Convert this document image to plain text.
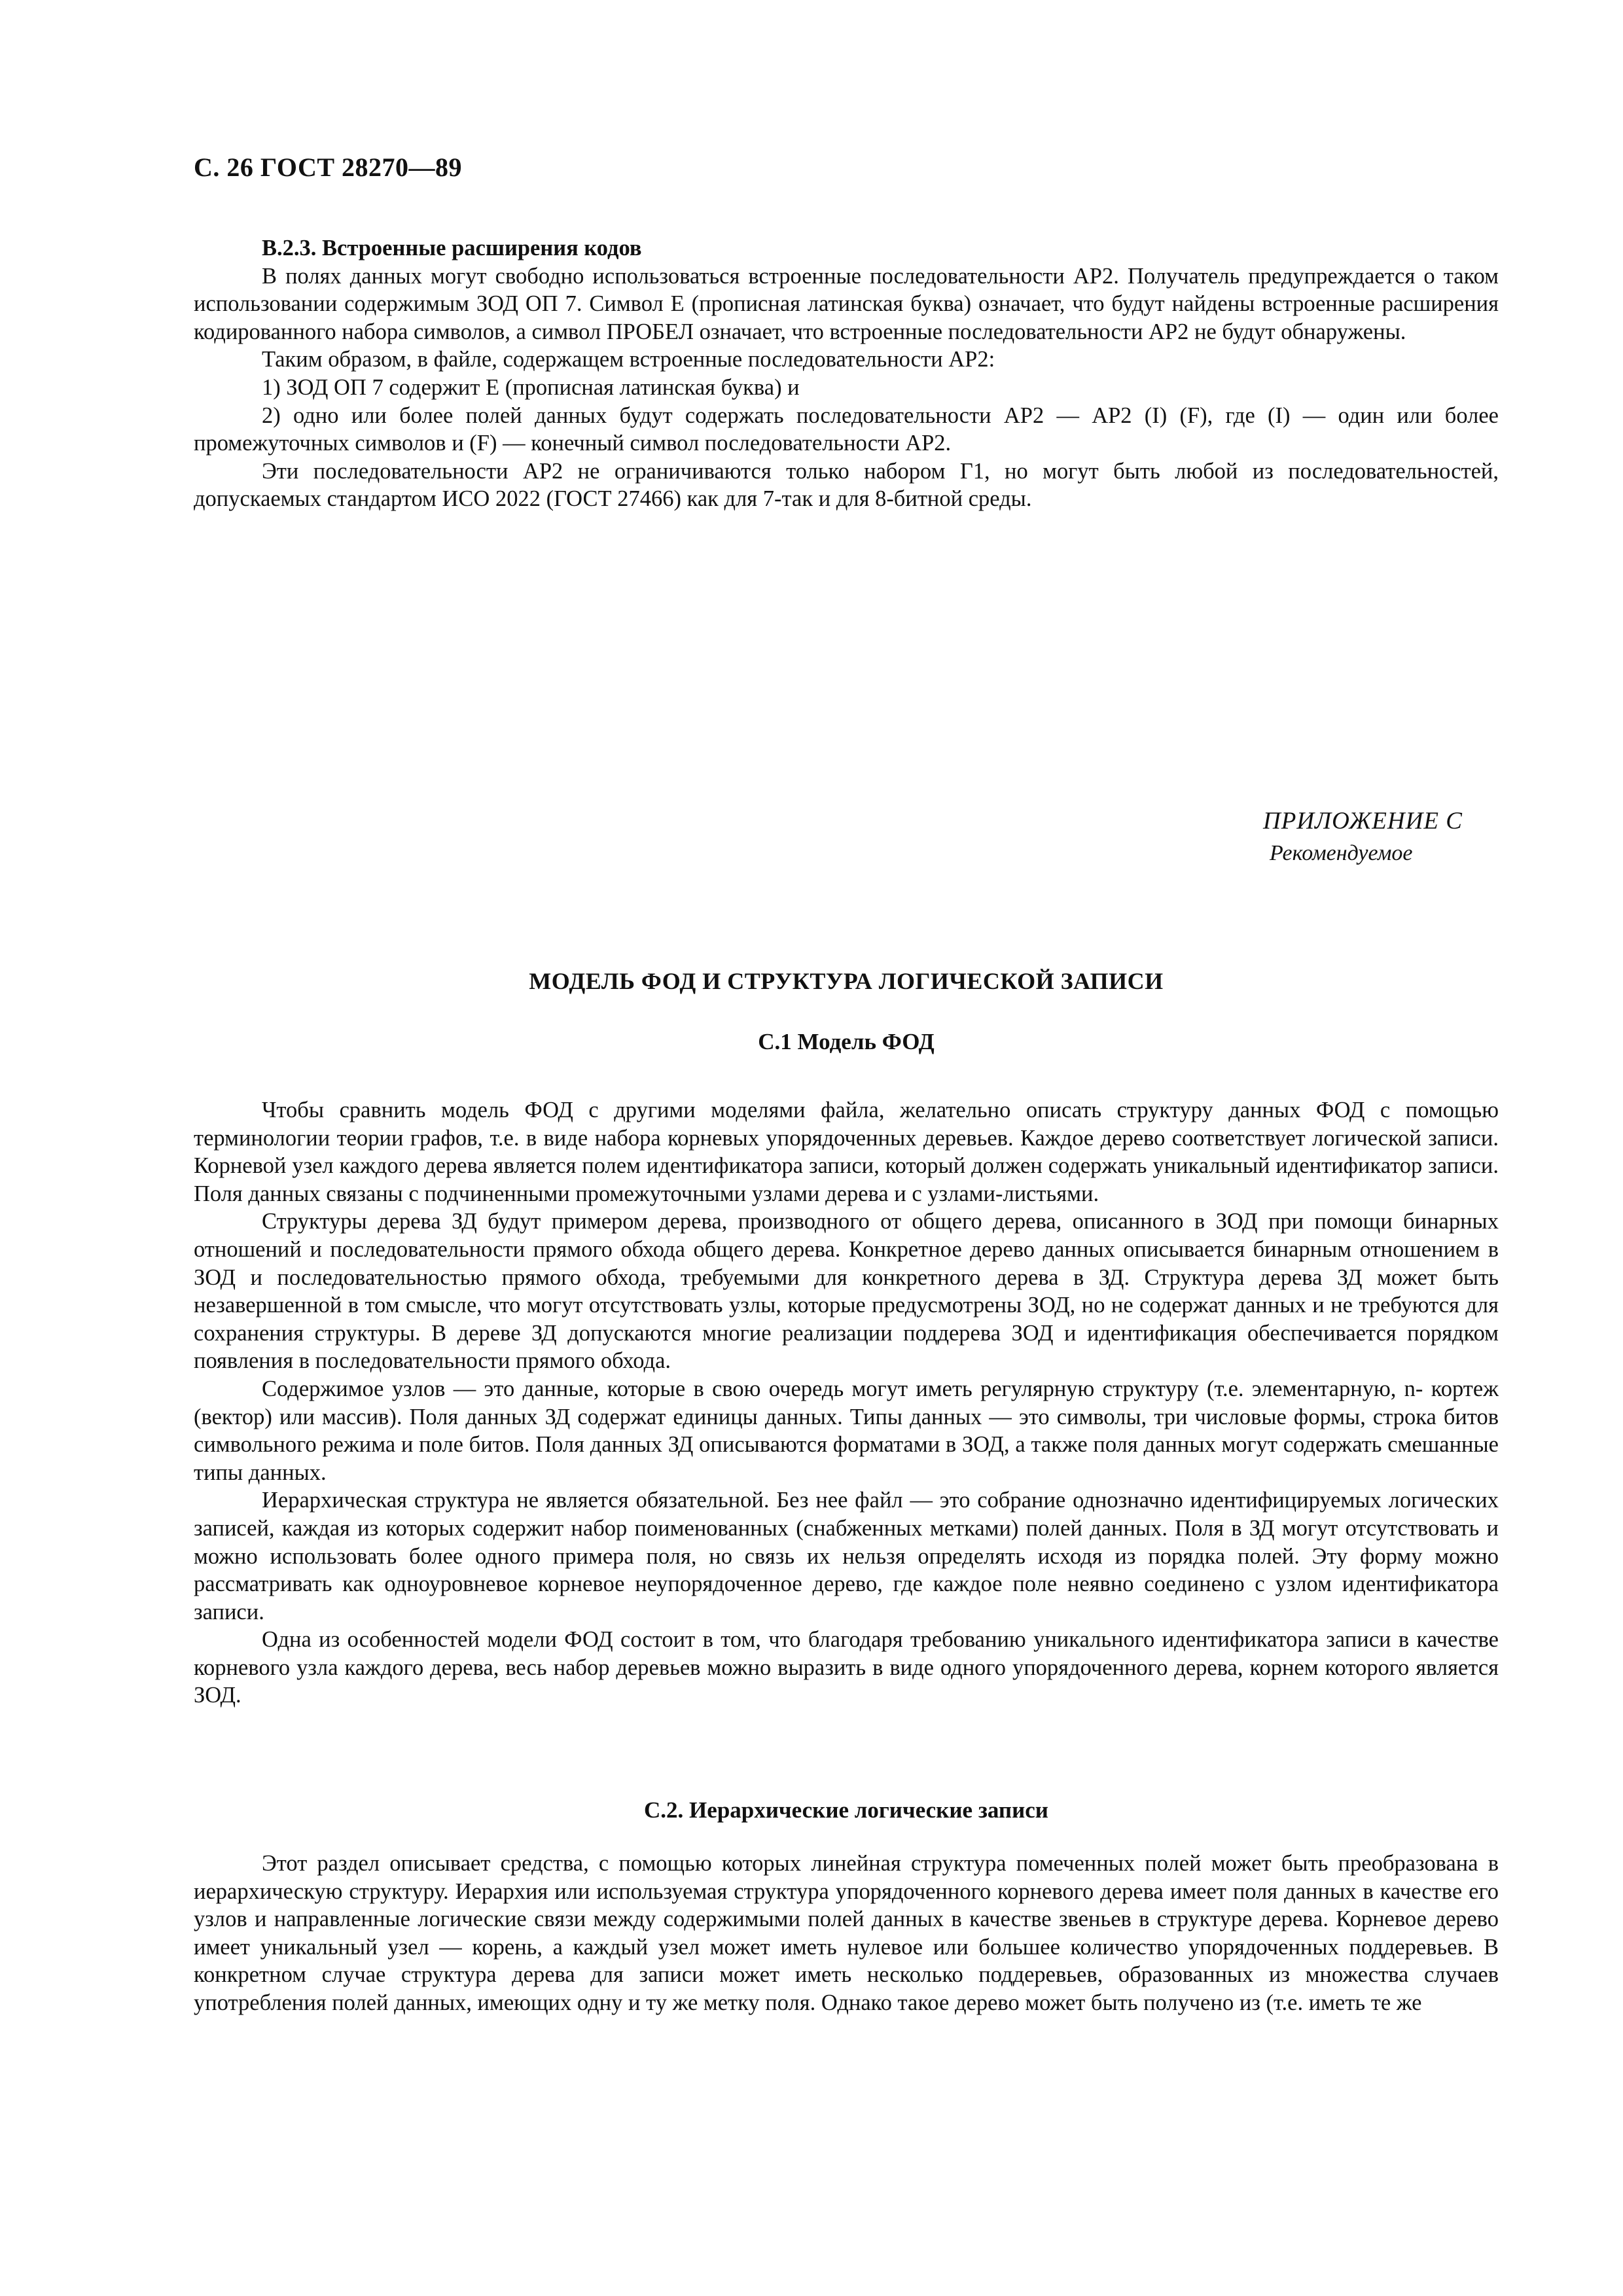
С. 26 ГОСТ 28270—89

В.2.3. Встроенные расширения кодов

В полях данных могут свободно использоваться встроенные последовательности АР2. Получатель предупреждается о таком использовании содержимым ЗОД ОП 7. Символ Е (прописная латинская буква) означает, что будут найдены встроенные расширения кодированного набора символов, а символ ПРОБЕЛ означает, что встроенные последовательности АР2 не будут обнаружены.

Таким образом, в файле, содержащем встроенные последовательности АР2:

1) ЗОД ОП 7 содержит Е (прописная латинская буква) и

2) одно или более полей данных будут содержать последовательности АР2 — АР2 (I) (F), где (I) — один или более промежуточных символов и (F) — конечный символ последовательности АР2.

Эти последовательности АР2 не ограничиваются только набором Г1, но могут быть любой из последовательностей, допускаемых стандартом ИСО 2022 (ГОСТ 27466) как для 7-так и для 8-битной среды.

ПРИЛОЖЕНИЕ С
Рекомендуемое
МОДЕЛЬ ФОД И СТРУКТУРА ЛОГИЧЕСКОЙ ЗАПИСИ
С.1 Модель ФОД

Чтобы сравнить модель ФОД с другими моделями файла, желательно описать структуру данных ФОД с помощью терминологии теории графов, т.е. в виде набора корневых упорядоченных деревьев. Каждое дерево соответствует логической записи. Корневой узел каждого дерева является полем идентификатора записи, который должен содержать уникальный идентификатор записи. Поля данных связаны с подчиненными промежуточными узлами дерева и с узлами-листьями.

Структуры дерева ЗД будут примером дерева, производного от общего дерева, описанного в ЗОД при помощи бинарных отношений и последовательности прямого обхода общего дерева. Конкретное дерево данных описывается бинарным отношением в ЗОД и последовательностью прямого обхода, требуемыми для конкретного дерева в ЗД. Структура дерева ЗД может быть незавершенной в том смысле, что могут отсутствовать узлы, которые предусмотрены ЗОД, но не содержат данных и не требуются для сохранения структуры. В дереве ЗД допускаются многие реализации поддерева ЗОД и идентификация обеспечивается порядком появления в последовательности прямого обхода.

Содержимое узлов — это данные, которые в свою очередь могут иметь регулярную структуру (т.е. элементарную, n- кортеж (вектор) или массив). Поля данных ЗД содержат единицы данных. Типы данных — это символы, три числовые формы, строка битов символьного режима и поле битов. Поля данных ЗД описываются форматами в ЗОД, а также поля данных могут содержать смешанные типы данных.

Иерархическая структура не является обязательной. Без нее файл — это собрание однозначно идентифицируемых логических записей, каждая из которых содержит набор поименованных (снабженных метками) полей данных. Поля в ЗД могут отсутствовать и можно использовать более одного примера поля, но связь их нельзя определять исходя из порядка полей. Эту форму можно рассматривать как одноуровневое корневое неупорядоченное дерево, где каждое поле неявно соединено с узлом идентификатора записи.

Одна из особенностей модели ФОД состоит в том, что благодаря требованию уникального идентификатора записи в качестве корневого узла каждого дерева, весь набор деревьев можно выразить в виде одного упорядоченного дерева, корнем которого является ЗОД.

С.2. Иерархические логические записи

Этот раздел описывает средства, с помощью которых линейная структура помеченных полей может быть преобразована в иерархическую структуру. Иерархия или используемая структура упорядоченного корневого дерева имеет поля данных в качестве его узлов и направленные логические связи между содержимыми полей данных в качестве звеньев в структуре дерева. Корневое дерево имеет уникальный узел — корень, а каждый узел может иметь нулевое или большее количество упорядоченных поддеревьев. В конкретном случае структура дерева для записи может иметь несколько поддеревьев, образованных из множества случаев употребления полей данных, имеющих одну и ту же метку поля. Однако такое дерево может быть получено из (т.е. иметь те же
